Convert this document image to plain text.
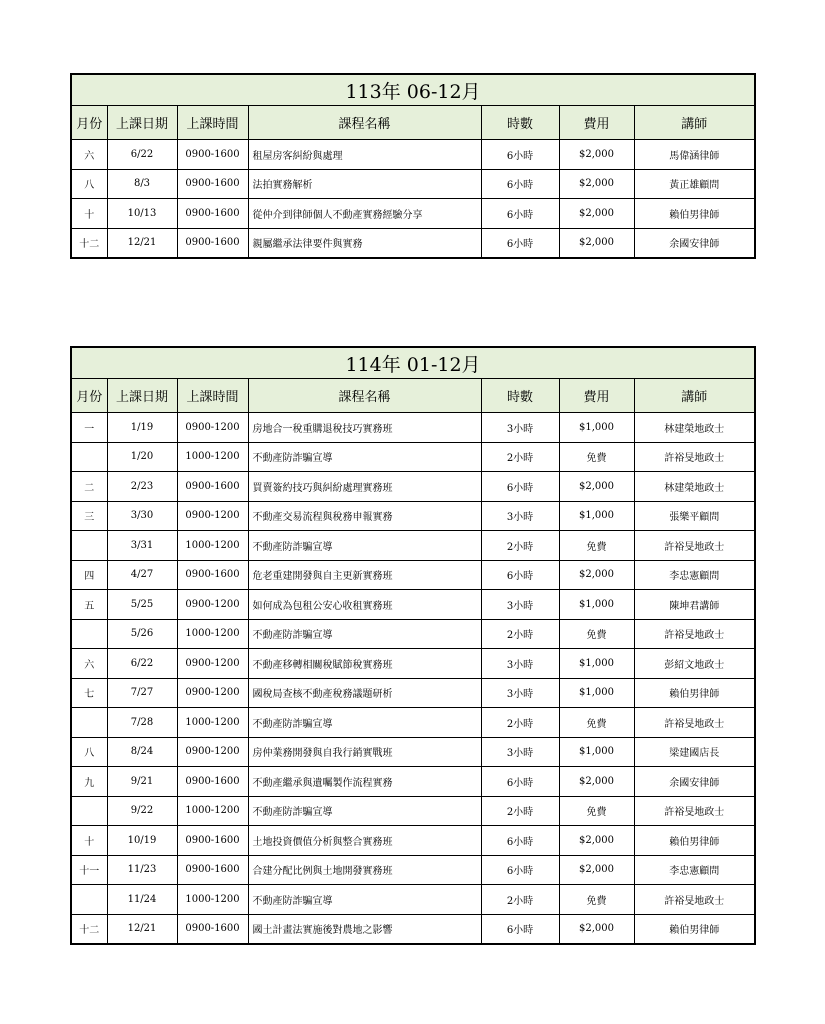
113年 06-12月						
月份	上課日期	上課時間	課程名稱	時數	費用	講師
六	6/22	0900-1600	租屋房客糾紛與處理	6小時	$2,000	馬偉涵律師
八	8/3	0900-1600	法拍實務解析	6小時	$2,000	黃正雄顧問
十	10/13	0900-1600	從仲介到律師個人不動產實務經驗分享	6小時	$2,000	賴伯男律師
十二	12/21	0900-1600	親屬繼承法律要件與實務	6小時	$2,000	余國安律師
114年 01-12月						
月份	上課日期	上課時間	課程名稱	時數	費用	講師
一	1/19	0900-1200	房地合一稅重購退稅技巧實務班	3小時	$1,000	林建榮地政士
	1/20	1000-1200	不動產防詐騙宣導	2小時	免費	許裕旻地政士
二	2/23	0900-1600	買賣簽約技巧與糾紛處理實務班	6小時	$2,000	林建榮地政士
三	3/30	0900-1200	不動產交易流程與稅務申報實務	3小時	$1,000	張樂平顧問
	3/31	1000-1200	不動產防詐騙宣導	2小時	免費	許裕旻地政士
四	4/27	0900-1600	危老重建開發與自主更新實務班	6小時	$2,000	李忠憲顧問
五	5/25	0900-1200	如何成為包租公安心收租實務班	3小時	$1,000	陳坤君講師
	5/26	1000-1200	不動產防詐騙宣導	2小時	免費	許裕旻地政士
六	6/22	0900-1200	不動產移轉相關稅賦節稅實務班	3小時	$1,000	彭紹文地政士
七	7/27	0900-1200	國稅局查核不動產稅務議題研析	3小時	$1,000	賴伯男律師
	7/28	1000-1200	不動產防詐騙宣導	2小時	免費	許裕旻地政士
八	8/24	0900-1200	房仲業務開發與自我行銷實戰班	3小時	$1,000	梁建國店長
九	9/21	0900-1600	不動產繼承與遺囑製作流程實務	6小時	$2,000	余國安律師
	9/22	1000-1200	不動產防詐騙宣導	2小時	免費	許裕旻地政士
十	10/19	0900-1600	土地投資價值分析與整合實務班	6小時	$2,000	賴伯男律師
十一	11/23	0900-1600	合建分配比例與土地開發實務班	6小時	$2,000	李忠憲顧問
	11/24	1000-1200	不動產防詐騙宣導	2小時	免費	許裕旻地政士
十二	12/21	0900-1600	國土計畫法實施後對農地之影響	6小時	$2,000	賴伯男律師
